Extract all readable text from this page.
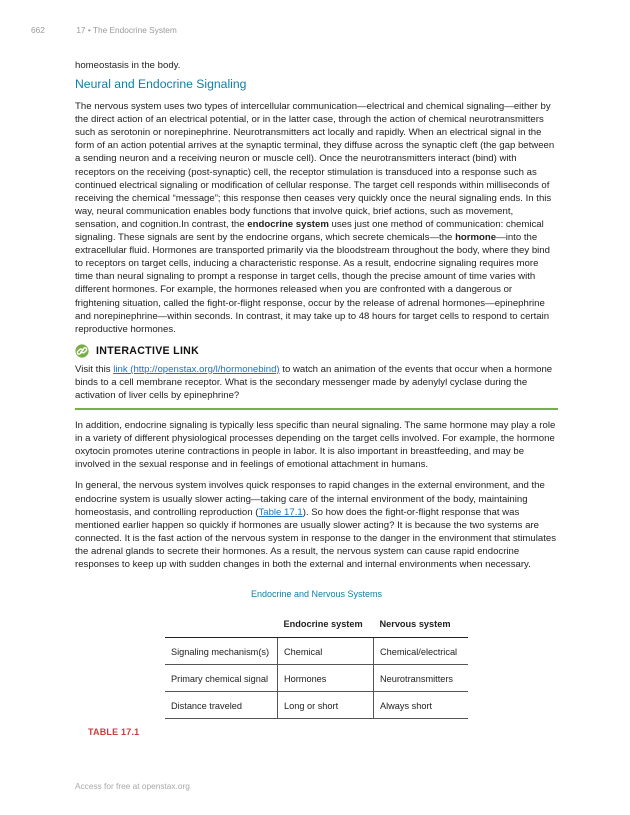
662	17 • The Endocrine System

homeostasis in the body.

Neural and Endocrine Signaling

The nervous system uses two types of intercellular communication—electrical and chemical signaling—either by the direct action of an electrical potential, or in the latter case, through the action of chemical neurotransmitters such as serotonin or norepinephrine. Neurotransmitters act locally and rapidly. When an electrical signal in the form of an action potential arrives at the synaptic terminal, they diffuse across the synaptic cleft (the gap between a sending neuron and a receiving neuron or muscle cell). Once the neurotransmitters interact (bind) with receptors on the receiving (post-synaptic) cell, the receptor stimulation is transduced into a response such as continued electrical signaling or modification of cellular response. The target cell responds within milliseconds of receiving the chemical “message”; this response then ceases very quickly once the neural signaling ends. In this way, neural communication enables body functions that involve quick, brief actions, such as movement, sensation, and cognition.In contrast, the endocrine system uses just one method of communication: chemical signaling. These signals are sent by the endocrine organs, which secrete chemicals—the hormone—into the extracellular fluid. Hormones are transported primarily via the bloodstream throughout the body, where they bind to receptors on target cells, inducing a characteristic response. As a result, endocrine signaling requires more time than neural signaling to prompt a response in target cells, though the precise amount of time varies with different hormones. For example, the hormones released when you are confronted with a dangerous or frightening situation, called the fight-or-flight response, occur by the release of adrenal hormones—epinephrine and norepinephrine—within seconds. In contrast, it may take up to 48 hours for target cells to respond to certain reproductive hormones.

INTERACTIVE LINK

Visit this link (http://openstax.org/l/hormonebind) to watch an animation of the events that occur when a hormone binds to a cell membrane receptor. What is the secondary messenger made by adenylyl cyclase during the activation of liver cells by epinephrine?

In addition, endocrine signaling is typically less specific than neural signaling. The same hormone may play a role in a variety of different physiological processes depending on the target cells involved. For example, the hormone oxytocin promotes uterine contractions in people in labor. It is also important in breastfeeding, and may be involved in the sexual response and in feelings of emotional attachment in humans.

In general, the nervous system involves quick responses to rapid changes in the external environment, and the endocrine system is usually slower acting—taking care of the internal environment of the body, maintaining homeostasis, and controlling reproduction (Table 17.1). So how does the fight-or-flight response that was mentioned earlier happen so quickly if hormones are usually slower acting? It is because the two systems are connected. It is the fast action of the nervous system in response to the danger in the environment that stimulates the adrenal glands to secrete their hormones. As a result, the nervous system can cause rapid endocrine responses to keep up with sudden changes in both the external and internal environments when necessary.

Endocrine and Nervous Systems
	Endocrine system	Nervous system
Signaling mechanism(s)	Chemical	Chemical/electrical
Primary chemical signal	Hormones	Neurotransmitters
Distance traveled	Long or short	Always short
TABLE 17.1
Access for free at openstax.org
